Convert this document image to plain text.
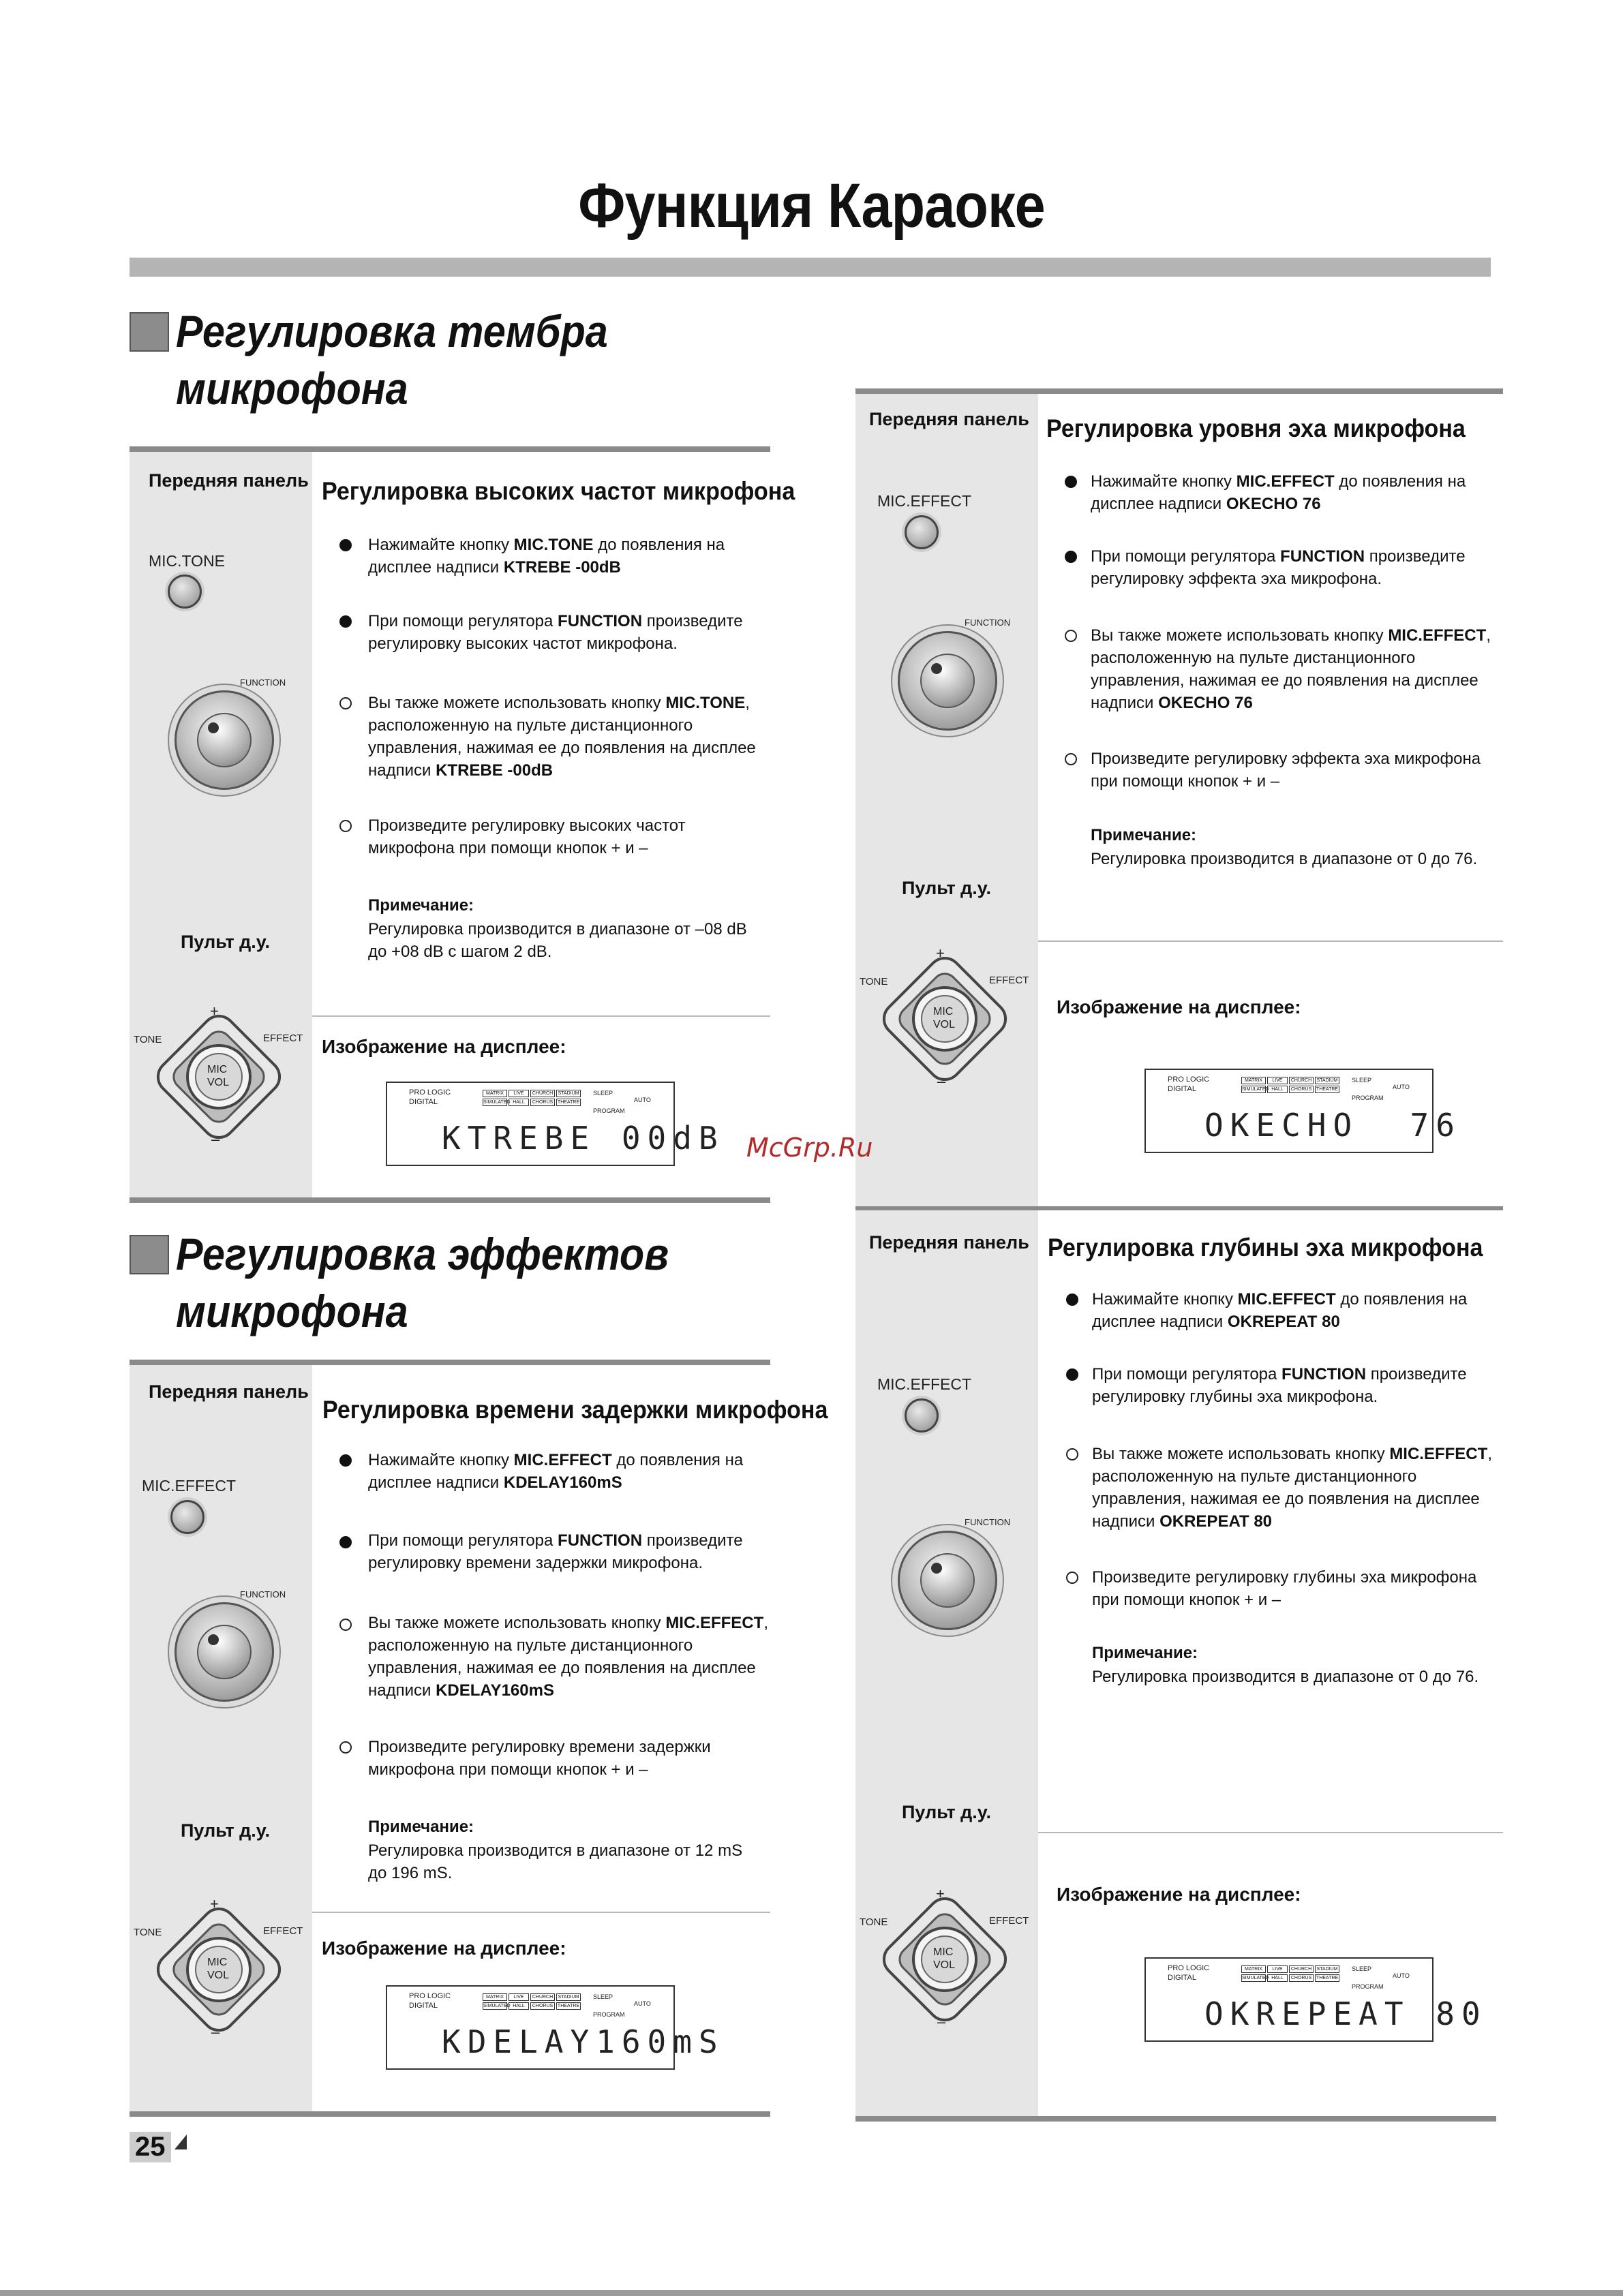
Функция Караоке
Регулировка тембра
микрофона
Регулировка эффектов
микрофона
Передняя панель
MIC.TONE
FUNCTION
Пульт д.у.
+
–
TONE	EFFECT
MIC
VOL
Регулировка высоких частот микрофона
Нажимайте кнопку MIC.TONE до появления на дисплее надписи KTREBE -00dB
При помощи регулятора FUNCTION произведите регулировку высоких частот микрофона.
Вы также можете использовать кнопку MIC.TONE, расположенную на пульте дистанционного управления, нажимая ее до появления на дисплее надписи KTREBE -00dB
Произведите регулировку высоких частот микрофона при помощи кнопок + и –
Примечание:
Регулировка производится в диапазоне от –08 dB до +08 dB с шагом 2 dB.
Изображение на дисплее:
PRO LOGIC
DIGITAL
MATRIX	LIVE	CHURCH	STADIUM
SIMULATED HALL	CHORUS THEATRE
SLEEP
AUTO
PROGRAM
KTREBE 00dB
Передняя панель
MIC.EFFECT
FUNCTION
Пульт д.у.
+
–
TONE	EFFECT
MIC
VOL
Регулировка времени задержки микрофона
Нажимайте кнопку MIC.EFFECT до появления на дисплее надписи KDELAY160mS
При помощи регулятора FUNCTION произведите регулировку времени задержки микрофона.
Вы также можете использовать кнопку MIC.EFFECT, расположенную на пульте дистанционного управления, нажимая ее до появления на дисплее надписи KDELAY160mS
Произведите регулировку времени задержки микрофона при помощи кнопок + и –
Примечание:
Регулировка производится в диапазоне от 12 mS до 196 mS.
Изображение на дисплее:
PRO LOGIC
DIGITAL
MATRIX	LIVE	CHURCH	STADIUM
SIMULATED HALL	CHORUS THEATRE
SLEEP
AUTO
PROGRAM
KDELAY160mS
Передняя панель
MIC.EFFECT
FUNCTION
Пульт д.у.
+
–
TONE	EFFECT
MIC
VOL
Регулировка уровня эха микрофона
Нажимайте кнопку MIC.EFFECT до появления на дисплее надписи OKECHO 76
При помощи регулятора FUNCTION произведите регулировку эффекта эха микрофона.
Вы также можете использовать кнопку MIC.EFFECT, расположенную на пульте дистанционного управления, нажимая ее до появления на дисплее надписи OKECHO 76
Произведите регулировку эффекта эха микрофона при помощи кнопок + и –
Примечание:
Регулировка производится в диапазоне от 0 до 76.
Изображение на дисплее:
PRO LOGIC
DIGITAL
MATRIX	LIVE	CHURCH	STADIUM
SIMULATED HALL	CHORUS THEATRE
SLEEP
AUTO
PROGRAM
OKECHO  76
Передняя панель
MIC.EFFECT
FUNCTION
Пульт д.у.
+
–
TONE	EFFECT
MIC
VOL
Регулировка глубины эха микрофона
Нажимайте кнопку MIC.EFFECT до появления на дисплее надписи OKREPEAT 80
При помощи регулятора FUNCTION произведите регулировку глубины эха микрофона.
Вы также можете использовать кнопку MIC.EFFECT, расположенную на пульте дистанционного управления, нажимая ее до появления на дисплее надписи OKREPEAT 80
Произведите регулировку глубины эха микрофона при помощи кнопок + и –
Примечание:
Регулировка производится в диапазоне от 0 до 76.
Изображение на дисплее:
PRO LOGIC
DIGITAL
MATRIX	LIVE	CHURCH	STADIUM
SIMULATED HALL	CHORUS THEATRE
SLEEP
AUTO
PROGRAM
OKREPEAT 80
McGrp.Ru
25
